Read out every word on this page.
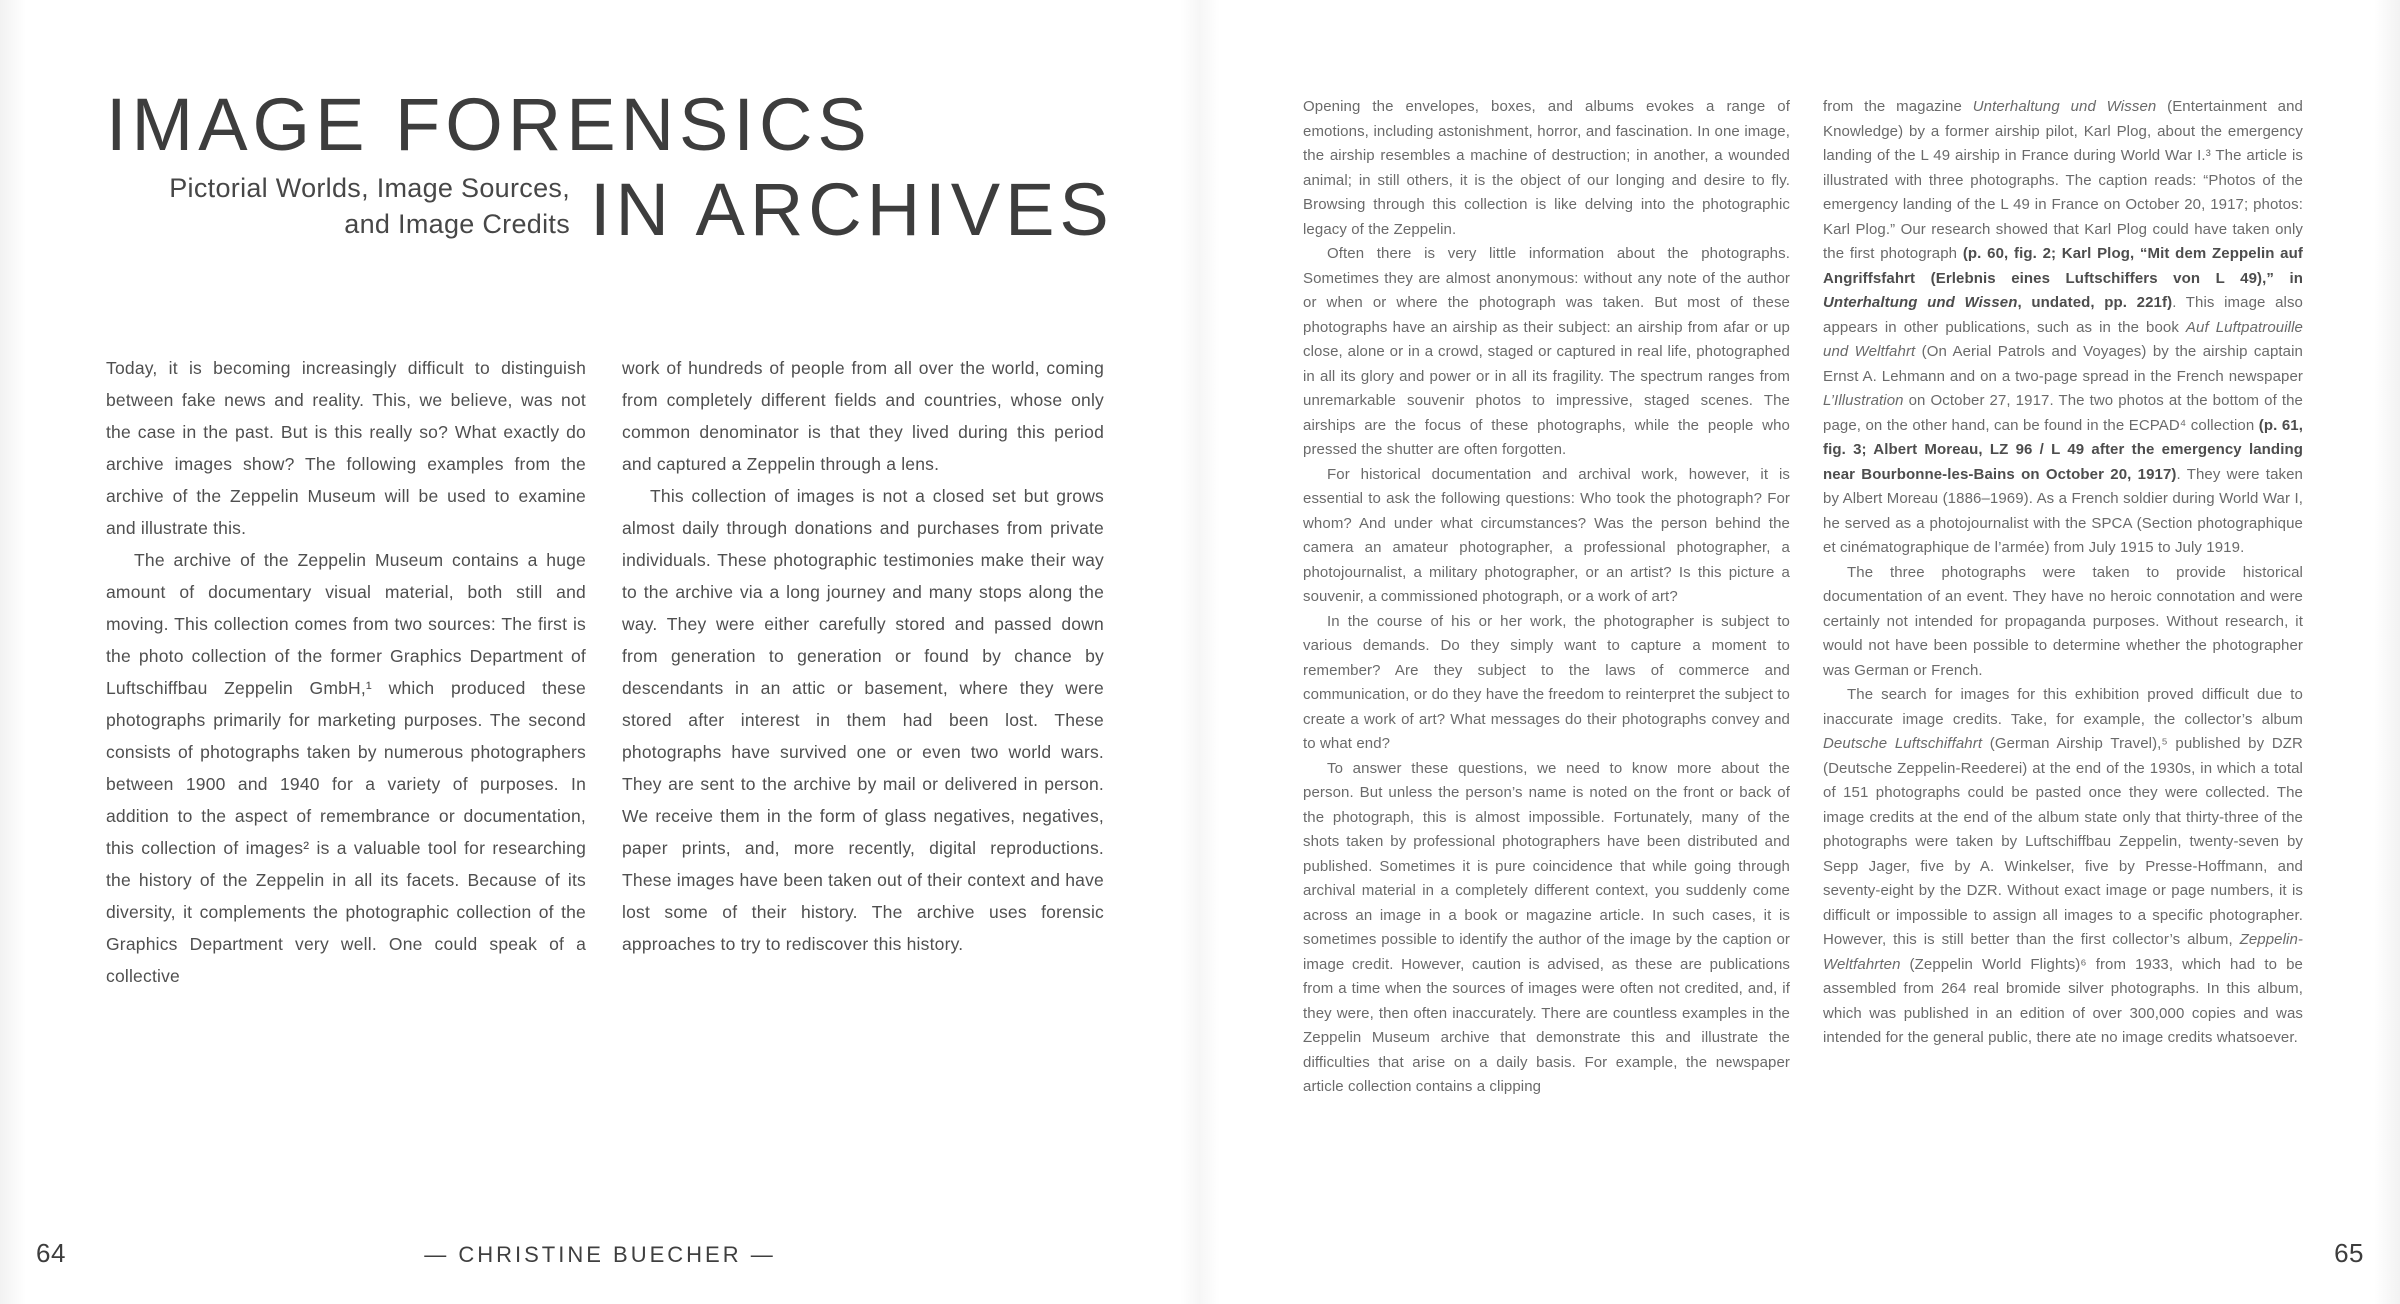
IMAGE FORENSICS
Pictorial Worlds, Image Sources,
and Image Credits IN ARCHIVES

Today, it is becoming increasingly difficult to distinguish between fake news and reality. This, we believe, was not the case in the past. But is this really so? What exactly do archive images show? The following examples from the archive of the Zeppelin Museum will be used to examine and illustrate this.

The archive of the Zeppelin Museum contains a huge amount of documentary visual material, both still and moving. This collection comes from two sources: The first is the photo collection of the former Graphics Department of Luftschiffbau Zeppelin GmbH,¹ which produced these photographs primarily for marketing purposes. The second consists of photographs taken by numerous photographers between 1900 and 1940 for a variety of purposes. In addition to the aspect of remembrance or documentation, this collection of images² is a valuable tool for researching the history of the Zeppelin in all its facets. Because of its diversity, it complements the photographic collection of the Graphics Department very well. One could speak of a collective

work of hundreds of people from all over the world, coming from completely different fields and countries, whose only common denominator is that they lived during this period and captured a Zeppelin through a lens.

This collection of images is not a closed set but grows almost daily through donations and purchases from private individuals. These photographic testimonies make their way to the archive via a long journey and many stops along the way. They were either carefully stored and passed down from generation to generation or found by chance by descendants in an attic or basement, where they were stored after interest in them had been lost. These photographs have survived one or even two world wars. They are sent to the archive by mail or delivered in person. We receive them in the form of glass negatives, negatives, paper prints, and, more recently, digital reproductions. These images have been taken out of their context and have lost some of their history. The archive uses forensic approaches to try to rediscover this history.

64	— CHRISTINE BUECHER —

Opening the envelopes, boxes, and albums evokes a range of emotions, including astonishment, horror, and fascination. In one image, the airship resembles a machine of destruction; in another, a wounded animal; in still others, it is the object of our longing and desire to fly. Browsing through this collection is like delving into the photographic legacy of the Zeppelin.

Often there is very little information about the photographs. Sometimes they are almost anonymous: without any note of the author or when or where the photograph was taken. But most of these photographs have an airship as their subject: an airship from afar or up close, alone or in a crowd, staged or captured in real life, photographed in all its glory and power or in all its fragility. The spectrum ranges from unremarkable souvenir photos to impressive, staged scenes. The airships are the focus of these photographs, while the people who pressed the shutter are often forgotten.

For historical documentation and archival work, however, it is essential to ask the following questions: Who took the photograph? For whom? And under what circumstances? Was the person behind the camera an amateur photographer, a professional photographer, a photojournalist, a military photographer, or an artist? Is this picture a souvenir, a commissioned photograph, or a work of art?

In the course of his or her work, the photographer is subject to various demands. Do they simply want to capture a moment to remember? Are they subject to the laws of commerce and communication, or do they have the freedom to reinterpret the subject to create a work of art? What messages do their photographs convey and to what end?

To answer these questions, we need to know more about the person. But unless the person’s name is noted on the front or back of the photograph, this is almost impossible. Fortunately, many of the shots taken by professional photographers have been distributed and published. Sometimes it is pure coincidence that while going through archival material in a completely different context, you suddenly come across an image in a book or magazine article. In such cases, it is sometimes possible to identify the author of the image by the caption or image credit. However, caution is advised, as these are publications from a time when the sources of images were often not credited, and, if they were, then often inaccurately. There are countless examples in the Zeppelin Museum archive that demonstrate this and illustrate the difficulties that arise on a daily basis. For example, the newspaper article collection contains a clipping

from the magazine Unterhaltung und Wissen (Entertainment and Knowledge) by a former airship pilot, Karl Plog, about the emergency landing of the L 49 airship in France during World War I.³ The article is illustrated with three photographs. The caption reads: “Photos of the emergency landing of the L 49 in France on October 20, 1917; photos: Karl Plog.” Our research showed that Karl Plog could have taken only the first photograph (p. 60, fig. 2; Karl Plog, “Mit dem Zeppelin auf Angriffsfahrt (Erlebnis eines Luftschiffers von L 49),” in Unterhaltung und Wissen, undated, pp. 221f). This image also appears in other publications, such as in the book Auf Luftpatrouille und Weltfahrt (On Aerial Patrols and Voyages) by the airship captain Ernst A. Lehmann and on a two-page spread in the French newspaper L’Illustration on October 27, 1917. The two photos at the bottom of the page, on the other hand, can be found in the ECPAD⁴ collection (p. 61, fig. 3; Albert Moreau, LZ 96 / L 49 after the emergency landing near Bourbonne-les-Bains on October 20, 1917). They were taken by Albert Moreau (1886–1969). As a French soldier during World War I, he served as a photojournalist with the SPCA (Section photographique et cinématographique de l’armée) from July 1915 to July 1919.

The three photographs were taken to provide historical documentation of an event. They have no heroic connotation and were certainly not intended for propaganda purposes. Without research, it would not have been possible to determine whether the photographer was German or French.

The search for images for this exhibition proved difficult due to inaccurate image credits. Take, for example, the collector’s album Deutsche Luftschiffahrt (German Airship Travel),⁵ published by DZR (Deutsche Zeppelin-Reederei) at the end of the 1930s, in which a total of 151 photographs could be pasted once they were collected. The image credits at the end of the album state only that thirty-three of the photographs were taken by Luftschiffbau Zeppelin, twenty-seven by Sepp Jager, five by A. Winkelser, five by Presse-Hoffmann, and seventy-eight by the DZR. Without exact image or page numbers, it is difficult or impossible to assign all images to a specific photographer. However, this is still better than the first collector’s album, Zeppelin-Weltfahrten (Zeppelin World Flights)⁶ from 1933, which had to be assembled from 264 real bromide silver photographs. In this album, which was published in an edition of over 300,000 copies and was intended for the general public, there ate no image credits whatsoever.

65
